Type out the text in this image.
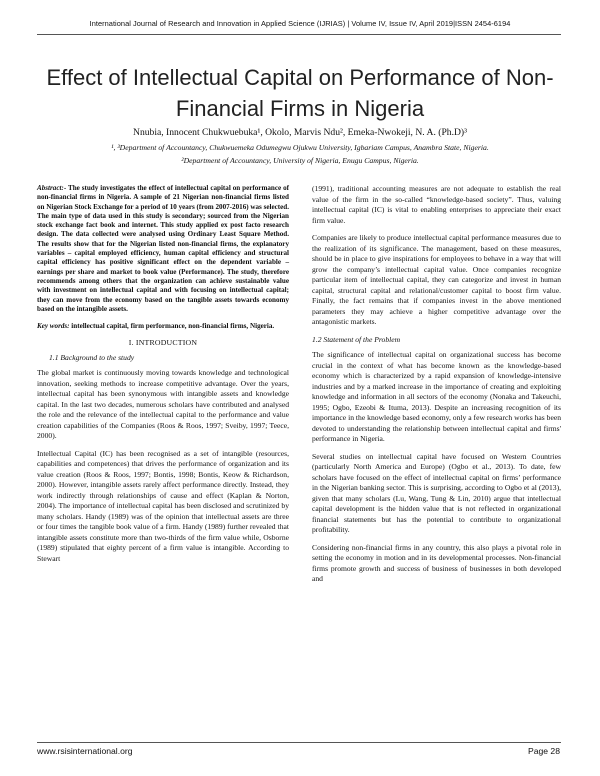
International Journal of Research and Innovation in Applied Science (IJRIAS) | Volume IV, Issue IV, April 2019|ISSN 2454-6194
Effect of Intellectual Capital on Performance of Non-Financial Firms in Nigeria
Nnubia, Innocent Chukwuebuka¹, Okolo, Marvis Ndu², Emeka-Nwokeji, N. A. (Ph.D)³
¹, ³Department of Accountancy, Chukwuemeka Odumegwu Ojukwu University, Igbariam Campus, Anambra State, Nigeria.
²Department of Accountancy, University of Nigeria, Enugu Campus, Nigeria.

Abstract:- The study investigates the effect of intellectual capital on performance of non-financial firms in Nigeria. A sample of 21 Nigerian non-financial firms listed on Nigerian Stock Exchange for a period of 10 years (from 2007-2016) was selected. The main type of data used in this study is secondary; sourced from the Nigerian stock exchange fact book and internet. This study applied ex post facto research design. The data collected were analysed using Ordinary Least Square Method. The results show that for the Nigerian listed non-financial firms, the explanatory variables – capital employed efficiency, human capital efficiency and structural capital efficiency has positive significant effect on the dependent variable – earnings per share and market to book value (Performance). The study, therefore recommends among others that the organization can achieve sustainable value with investment on intellectual capital and with focusing on intellectual capital; they can move from the economy based on the tangible assets towards economy based on the intangible assets.

Key words: intellectual capital, firm performance, non-financial firms, Nigeria.

I. INTRODUCTION
1.1 Background to the study

The global market is continuously moving towards knowledge and technological innovation, seeking methods to increase competitive advantage. Over the years, intellectual capital has been synonymous with intangible assets and knowledge capital. In the last two decades, numerous scholars have contributed and analysed the role and the relevance of the intellectual capital to the performance and value creation capabilities of the Companies (Roos & Roos, 1997; Sveiby, 1997; Teece, 2000).

Intellectual Capital (IC) has been recognised as a set of intangible (resources, capabilities and competences) that drives the performance of organization and its value creation (Roos & Roos, 1997; Bontis, 1998; Bontis, Keow & Richardson, 2000). However, intangible assets rarely affect performance directly. Instead, they work indirectly through relationships of cause and effect (Kaplan & Norton, 2004). The importance of intellectual capital has been disclosed and scrutinized by many scholars. Handy (1989) was of the opinion that intellectual assets are three or four times the tangible book value of a firm. Handy (1989) further revealed that intangible assets constitute more than two-thirds of the firm value while, Osborne (1989) stipulated that eighty percent of a firm value is intangible. According to Stewart

(1991), traditional accounting measures are not adequate to establish the real value of the firm in the so-called “knowledge-based society”. Thus, valuing intellectual capital (IC) is vital to enabling enterprises to appreciate their exact firm value.

Companies are likely to produce intellectual capital performance measures due to the realization of its significance. The management, based on these measures, should be in place to give inspirations for employees to behave in a way that will grow the company’s intellectual capital value. Once companies recognize particular item of intellectual capital, they can categorize and invest in human capital, structural capital and relational/customer capital to boost firm value. Finally, the fact remains that if companies invest in the above mentioned parameters they may achieve a higher competitive advantage over the antagonistic markets.

1.2 Statement of the Problem

The significance of intellectual capital on organizational success has become crucial in the context of what has become known as the knowledge-based economy which is characterized by a rapid expansion of knowledge-intensive industries and by a marked increase in the importance of creating and exploiting knowledge and information in all sectors of the economy (Nonaka and Takeuchi, 1995; Ogbo, Ezeobi & Ituma, 2013). Despite an increasing recognition of its importance in the knowledge based economy, only a few research works has been devoted to understanding the relationship between intellectual capital and firms' performance in Nigeria.

Several studies on intellectual capital have focused on Western Countries (particularly North America and Europe) (Ogbo et al., 2013). To date, few scholars have focused on the effect of intellectual capital on firms’ performance in the Nigerian banking sector. This is surprising, according to Ogbo et al (2013), given that many scholars (Lu, Wang, Tung & Lin, 2010) argue that intellectual capital development is the hidden value that is not reflected in organizational financial statements but has the potential to contribute to organizational profitability.

Considering non-financial firms in any country, this also plays a pivotal role in setting the economy in motion and in its developmental processes. Non-financial firms promote growth and success of business of businesses in both developed and

www.rsisinternational.org	Page 28
